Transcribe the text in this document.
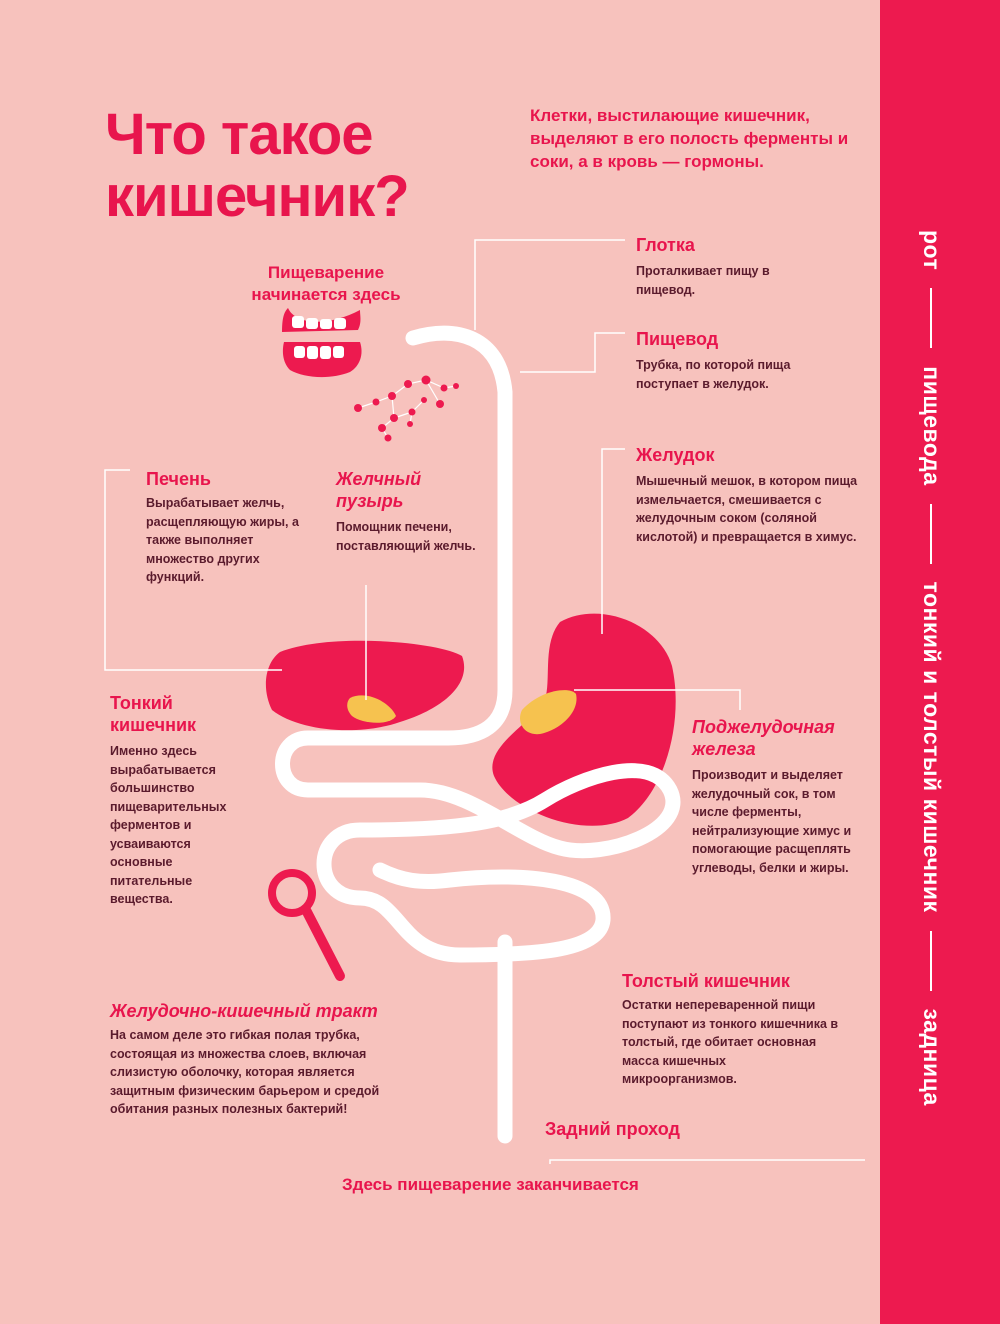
рот
пищевода
тонкий и толстый кишечник
задница
Что такое кишечник?
Клетки, выстилающие кишечник, выделяют в его полость ферменты и соки, а в кровь — гормоны.
Пищеварение начинается здесь
Глотка
Проталкивает пищу в пищевод.
Пищевод
Трубка, по которой пища поступает в желудок.
Желудок
Мышечный мешок, в котором пища измельчается, смешивается с желудочным соком (соляной кислотой) и превращается в химус.
Печень
Вырабатывает желчь, расщепляющую жиры, а также выполняет множество других функций.
Желчный пузырь
Помощник печени, поставляющий желчь.
Тонкий кишечник
Именно здесь вырабатывается большинство пищеварительных ферментов и усваиваются основные питательные вещества.
Поджелудочная железа
Производит и выделяет желудочный сок, в том числе ферменты, нейтрализующие химус и помогающие расщеплять углеводы, белки и жиры.
Толстый кишечник
Остатки непереваренной пищи поступают из тонкого кишечника в толстый, где обитает основная масса кишечных микроорганизмов.
Желудочно-кишечный тракт
На самом деле это гибкая полая трубка, состоящая из множества слоев, включая слизистую оболочку, которая является защитным физическим барьером и средой обитания разных полезных бактерий!
Задний проход
Здесь пищеварение заканчивается
